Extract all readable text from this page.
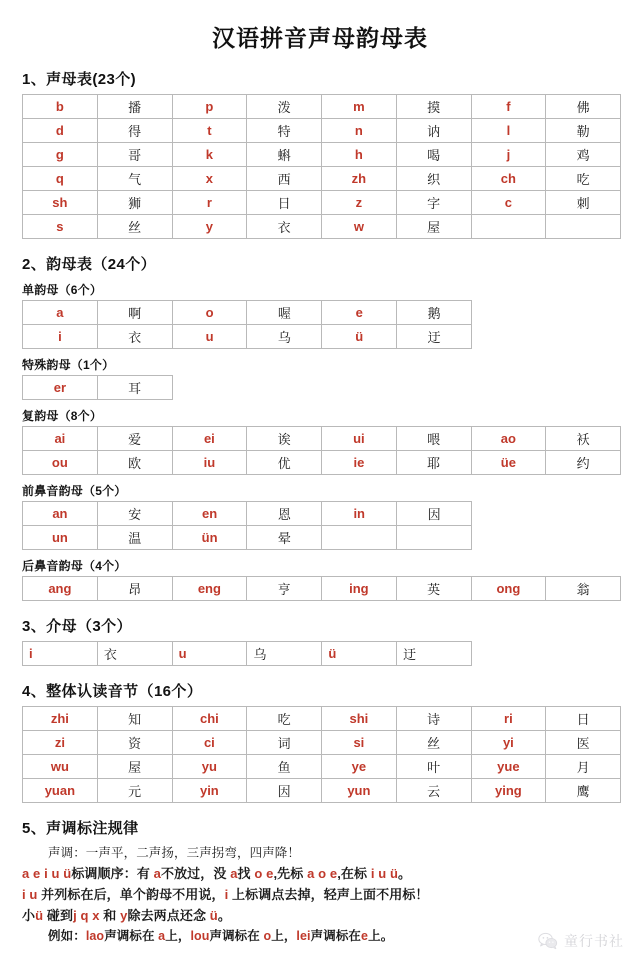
汉语拼音声母韵母表
1、声母表(23个)
b	播	p	泼	m	摸	f	佛
d	得	t	特	n	讷	l	勒
g	哥	k	蝌	h	喝	j	鸡
q	气	x	西	zh	织	ch	吃
sh	狮	r	日	z	字	c	刺
s	丝	y	衣	w	屋		
2、韵母表（24个）
单韵母（6个）
a	啊	o	喔	e	鹅
i	衣	u	乌	ü	迂
特殊韵母（1个）
er	耳
复韵母（8个）
ai	爱	ei	诶	ui	喂	ao	袄
ou	欧	iu	优	ie	耶	üe	约
前鼻音韵母（5个）
an	安	en	恩	in	因
un	温	ün	晕		
后鼻音韵母（4个）
ang	昂	eng	亨	ing	英	ong	翁
3、介母（3个）
i	衣	u	乌	ü	迂
4、整体认读音节（16个）
zhi	知	chi	吃	shi	诗	ri	日
zi	资	ci	词	si	丝	yi	医
wu	屋	yu	鱼	ye	叶	yue	月
yuan	元	yin	因	yun	云	ying	鹰
5、声调标注规律
声调：一声平，二声扬，三声拐弯，四声降！
a e i u ü标调顺序：有 a不放过，没 a找 o e,先标 a o e,在标 i u ü。
i u 并列标在后，单个韵母不用说，i 上标调点去掉，轻声上面不用标！
小ü 碰到j q x 和 y除去两点还念 ü。
例如：lao声调标在 a上，lou声调标在 o上，lei声调标在e上。	童行书社
